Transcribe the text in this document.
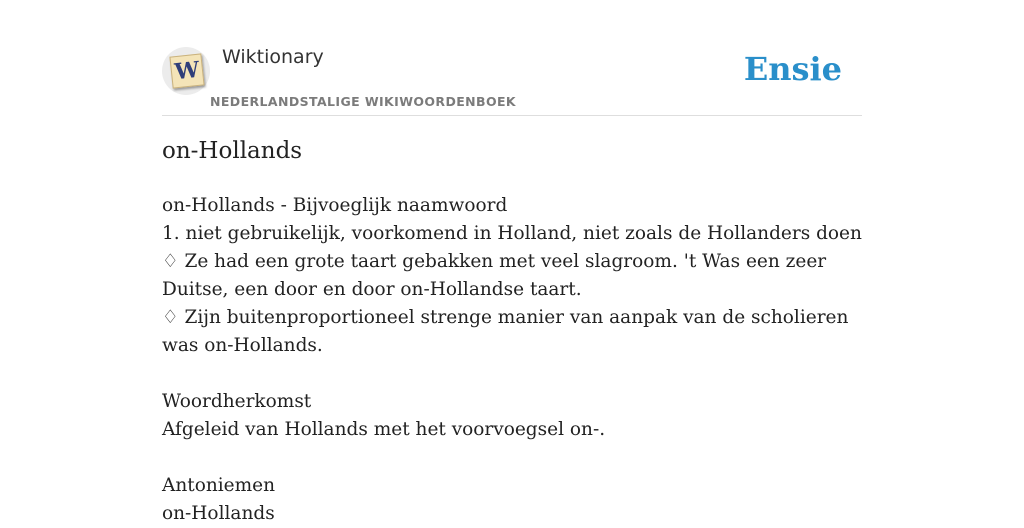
W Wiktionary
NEDERLANDSTALIGE WIKIWOORDENBOEK
Ensie
on-Hollands
on-Hollands - Bijvoeglijk naamwoord
1. niet gebruikelijk, voorkomend in Holland, niet zoals de Hollanders doen
♢ Ze had een grote taart gebakken met veel slagroom. 't Was een zeer Duitse, een door en door on-Hollandse taart.
♢ Zijn buitenproportioneel strenge manier van aanpak van de scholieren was on-Hollands.
Woordherkomst
Afgeleid van Hollands met het voorvoegsel on-.
Antoniemen
on-Hollands
